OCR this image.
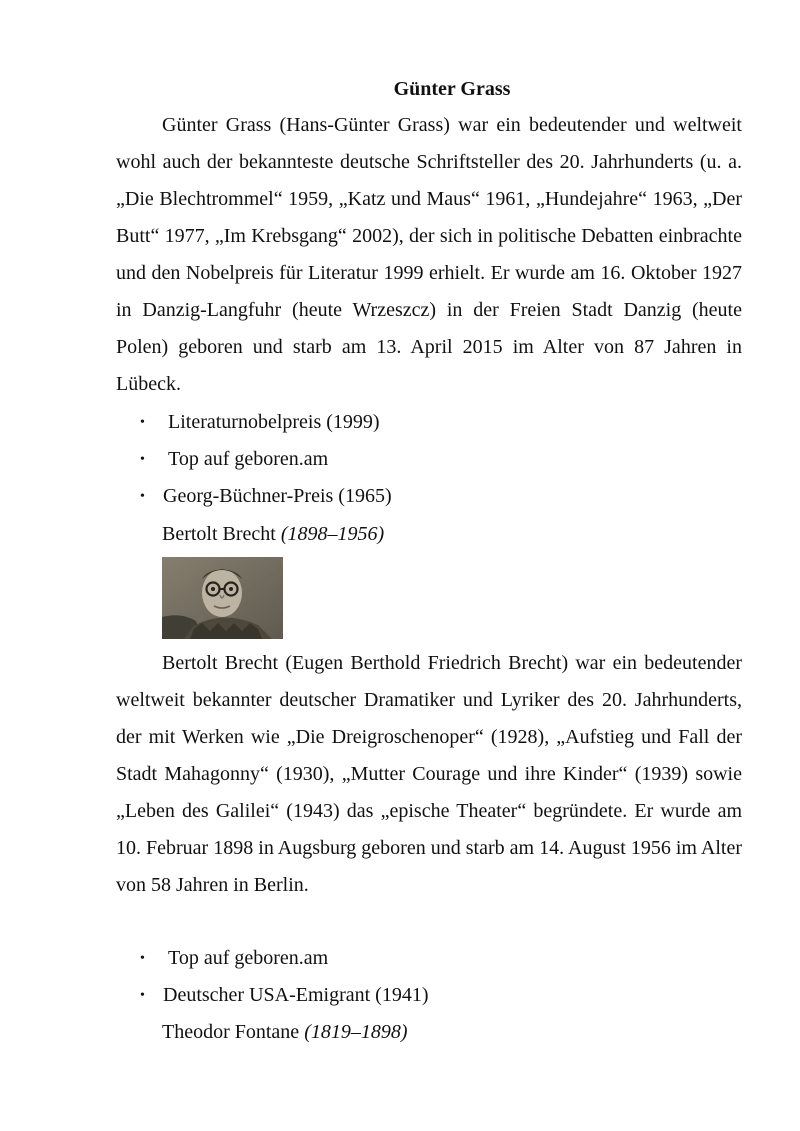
Günter Grass

Günter Grass (Hans-Günter Grass) war ein bedeutender und weltweit wohl auch der bekannteste deutsche Schriftsteller des 20. Jahrhunderts (u. a. „Die Blechtrommel“ 1959, „Katz und Maus“ 1961, „Hundejahre“ 1963, „Der Butt“ 1977, „Im Krebsgang“ 2002), der sich in politische Debatten einbrachte und den Nobelpreis für Literatur 1999 erhielt. Er wurde am 16. Oktober 1927 in Danzig-Langfuhr (heute Wrzeszcz) in der Freien Stadt Danzig (heute Polen) geboren und starb am 13. April 2015 im Alter von 87 Jahren in Lübeck.

• Literaturnobelpreis (1999)
• Top auf geboren.am
• Georg-Büchner-Preis (1965)
Bertolt Brecht (1898–1956)

Bertolt Brecht (Eugen Berthold Friedrich Brecht) war ein bedeutender weltweit bekannter deutscher Dramatiker und Lyriker des 20. Jahrhunderts, der mit Werken wie „Die Dreigroschenoper“ (1928), „Aufstieg und Fall der Stadt Mahagonny“ (1930), „Mutter Courage und ihre Kinder“ (1939) sowie „Leben des Galilei“ (1943) das „epische Theater“ begründete. Er wurde am 10. Februar 1898 in Augsburg geboren und starb am 14. August 1956 im Alter von 58 Jahren in Berlin.

• Top auf geboren.am
• Deutscher USA-Emigrant (1941)
Theodor Fontane (1819–1898)
